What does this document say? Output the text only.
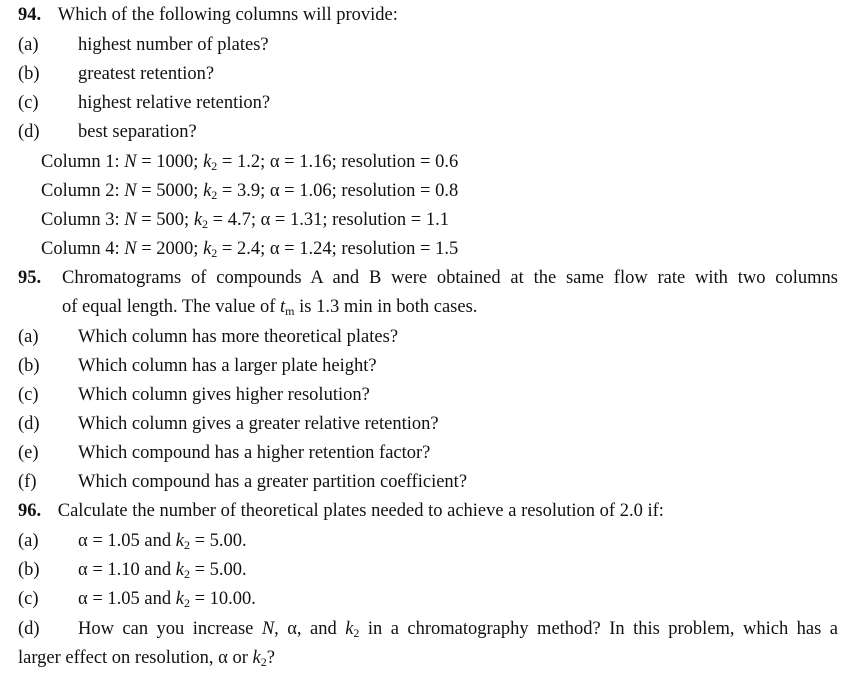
94. Which of the following columns will provide:
(a) highest number of plates?
(b) greatest retention?
(c) highest relative retention?
(d) best separation?
Column 1: N = 1000; $k_2 = 1.2$; α = 1.16; resolution = 0.6
Column 2: N = 5000; $k_2 = 3.9$; α = 1.06; resolution = 0.8
Column 3: N = 500; $k_2 = 4.7$; α = 1.31; resolution = 1.1
Column 4: N = 2000; $k_2 = 2.4$; α = 1.24; resolution = 1.5
95. Chromatograms of compounds A and B were obtained at the same flow rate with two columns
of equal length. The value of $t_m$ is 1.3 min in both cases.
(a) Which column has more theoretical plates?
(b) Which column has a larger plate height?
(c) Which column gives higher resolution?
(d) Which column gives a greater relative retention?
(e) Which compound has a higher retention factor?
(f) Which compound has a greater partition coefficient?
96. Calculate the number of theoretical plates needed to achieve a resolution of 2.0 if:
(a) α = 1.05 and $k_2 = 5.00$.
(b) α = 1.10 and $k_2 = 5.00$.
(c) α = 1.05 and $k_2 = 10.00$.
(d) How can you increase N, α, and $k_2$ in a chromatography method? In this problem, which has a
larger effect on resolution, α or $k_2$?
